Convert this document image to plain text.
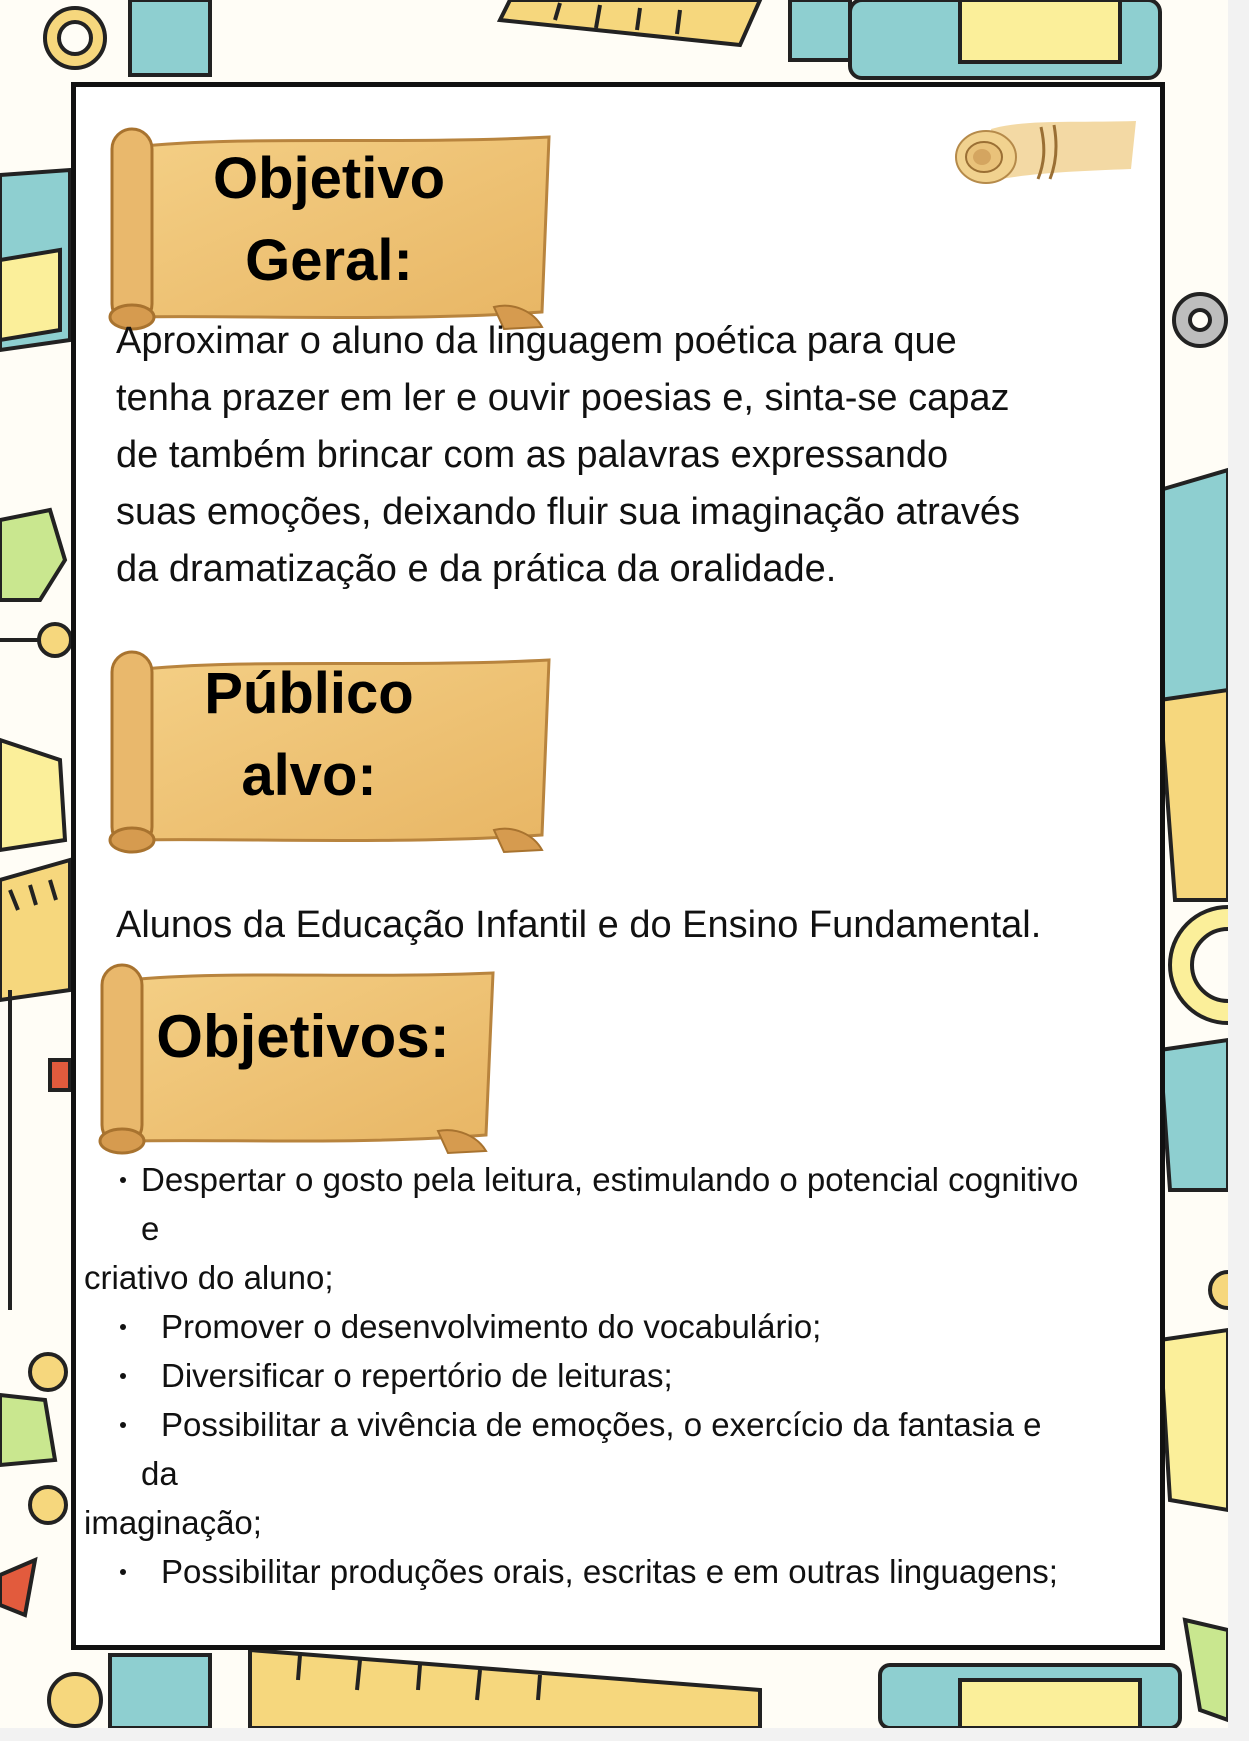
Objetivo
Geral:
Aproximar o aluno da linguagem poética para que
tenha prazer em ler e ouvir poesias e, sinta-se capaz
de também brincar com as palavras expressando
suas emoções, deixando fluir sua imaginação através
da dramatização e da prática da oralidade.
Público
alvo:
Alunos da Educação Infantil e do Ensino Fundamental.
Objetivos:
Despertar o gosto pela leitura, estimulando o potencial cognitivo
e
criativo do aluno;
Promover o desenvolvimento do vocabulário;
Diversificar o repertório de leituras;
Possibilitar a vivência de emoções, o exercício da fantasia e
da
imaginação;
Possibilitar produções orais, escritas e em outras linguagens;
